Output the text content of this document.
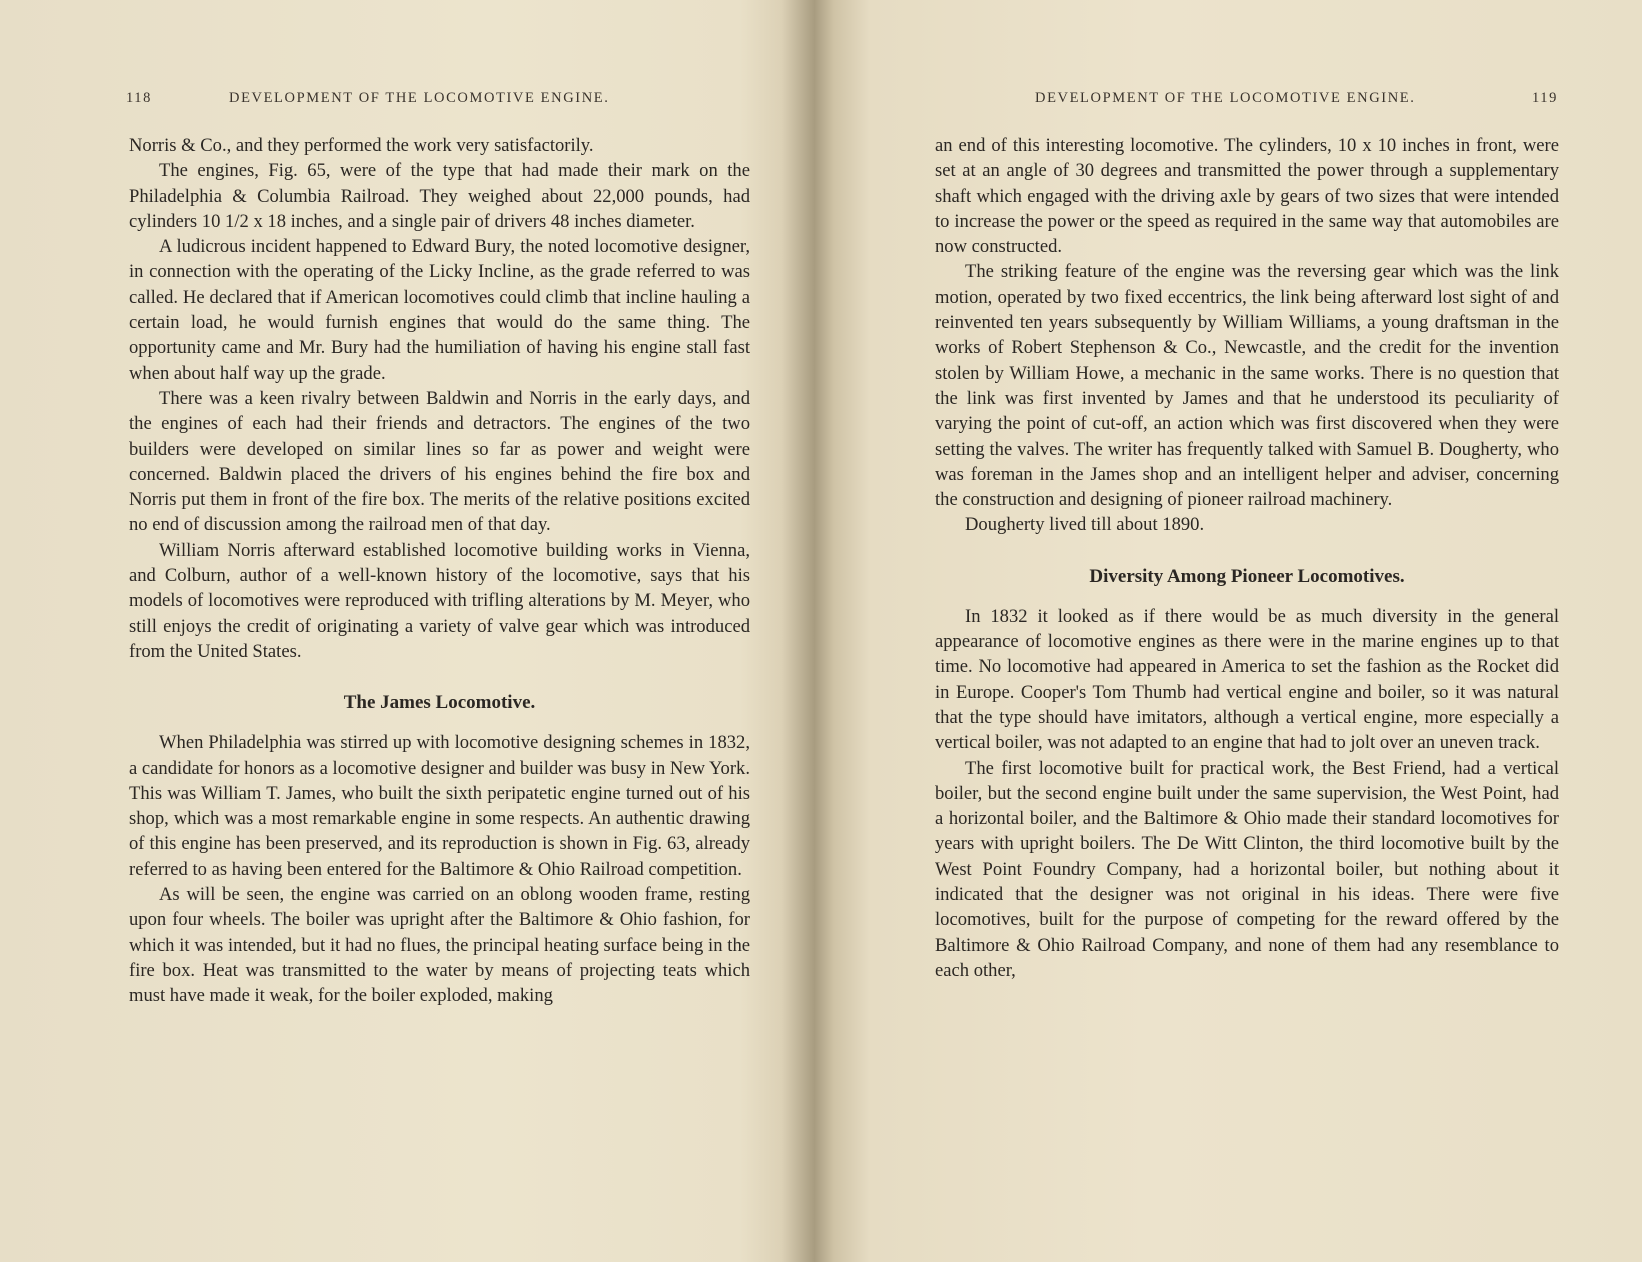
118	DEVELOPMENT OF THE LOCOMOTIVE ENGINE.

Norris & Co., and they performed the work very satisfactorily.

The engines, Fig. 65, were of the type that had made their mark on the Philadelphia & Columbia Railroad. They weighed about 22,000 pounds, had cylinders 10 1/2 x 18 inches, and a single pair of drivers 48 inches diameter.

A ludicrous incident happened to Edward Bury, the noted locomotive designer, in connection with the operating of the Licky Incline, as the grade referred to was called. He declared that if American locomotives could climb that incline hauling a certain load, he would furnish engines that would do the same thing. The opportunity came and Mr. Bury had the humiliation of having his engine stall fast when about half way up the grade.

There was a keen rivalry between Baldwin and Norris in the early days, and the engines of each had their friends and detractors. The engines of the two builders were developed on similar lines so far as power and weight were concerned. Baldwin placed the drivers of his engines behind the fire box and Norris put them in front of the fire box. The merits of the relative positions excited no end of discussion among the railroad men of that day.

William Norris afterward established locomotive building works in Vienna, and Colburn, author of a well-known history of the locomotive, says that his models of locomotives were reproduced with trifling alterations by M. Meyer, who still enjoys the credit of originating a variety of valve gear which was introduced from the United States.

The James Locomotive.

When Philadelphia was stirred up with locomotive designing schemes in 1832, a candidate for honors as a locomotive designer and builder was busy in New York. This was William T. James, who built the sixth peripatetic engine turned out of his shop, which was a most remarkable engine in some respects. An authentic drawing of this engine has been preserved, and its reproduction is shown in Fig. 63, already referred to as having been entered for the Baltimore & Ohio Railroad competition.

As will be seen, the engine was carried on an oblong wooden frame, resting upon four wheels. The boiler was upright after the Baltimore & Ohio fashion, for which it was intended, but it had no flues, the principal heating surface being in the fire box. Heat was transmitted to the water by means of projecting teats which must have made it weak, for the boiler exploded, making

DEVELOPMENT OF THE LOCOMOTIVE ENGINE.	119

an end of this interesting locomotive. The cylinders, 10 x 10 inches in front, were set at an angle of 30 degrees and transmitted the power through a supplementary shaft which engaged with the driving axle by gears of two sizes that were intended to increase the power or the speed as required in the same way that automobiles are now constructed.

The striking feature of the engine was the reversing gear which was the link motion, operated by two fixed eccentrics, the link being afterward lost sight of and reinvented ten years subsequently by William Williams, a young draftsman in the works of Robert Stephenson & Co., Newcastle, and the credit for the invention stolen by William Howe, a mechanic in the same works. There is no question that the link was first invented by James and that he understood its peculiarity of varying the point of cut-off, an action which was first discovered when they were setting the valves. The writer has frequently talked with Samuel B. Dougherty, who was foreman in the James shop and an intelligent helper and adviser, concerning the construction and designing of pioneer railroad machinery.

Dougherty lived till about 1890.

Diversity Among Pioneer Locomotives.

In 1832 it looked as if there would be as much diversity in the general appearance of locomotive engines as there were in the marine engines up to that time. No locomotive had appeared in America to set the fashion as the Rocket did in Europe. Cooper's Tom Thumb had vertical engine and boiler, so it was natural that the type should have imitators, although a vertical engine, more especially a vertical boiler, was not adapted to an engine that had to jolt over an uneven track.

The first locomotive built for practical work, the Best Friend, had a vertical boiler, but the second engine built under the same supervision, the West Point, had a horizontal boiler, and the Baltimore & Ohio made their standard locomotives for years with upright boilers. The De Witt Clinton, the third locomotive built by the West Point Foundry Company, had a horizontal boiler, but nothing about it indicated that the designer was not original in his ideas. There were five locomotives, built for the purpose of competing for the reward offered by the Baltimore & Ohio Railroad Company, and none of them had any resemblance to each other,
